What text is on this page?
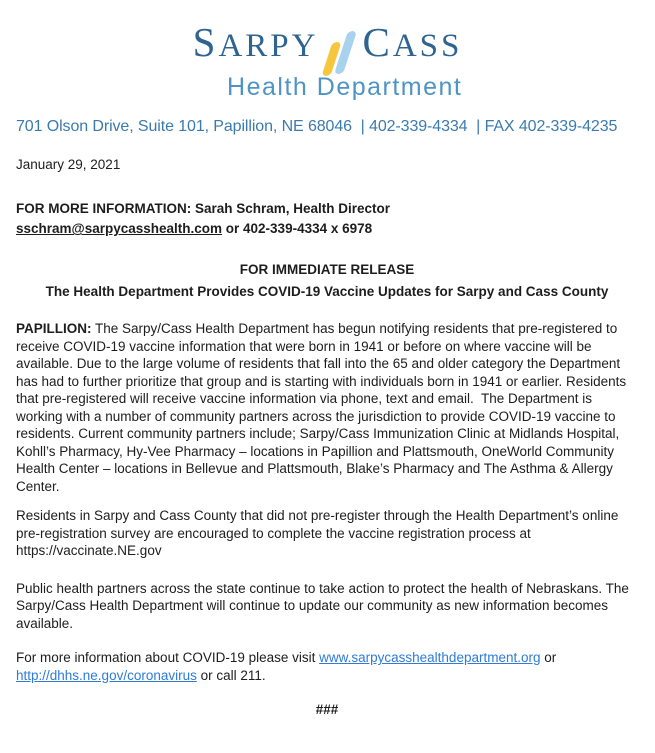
S ARPY C ASS
Health Department
701 Olson Drive, Suite 101, Papillion, NE 68046  | 402-339-4334  | FAX 402-339-4235
January 29, 2021
FOR MORE INFORMATION: Sarah Schram, Health Director
sschram@sarpycasshealth.com or 402-339-4334 x 6978
FOR IMMEDIATE RELEASE
The Health Department Provides COVID-19 Vaccine Updates for Sarpy and Cass County
PAPILLION: The Sarpy/Cass Health Department has begun notifying residents that pre-registered to receive COVID-19 vaccine information that were born in 1941 or before on where vaccine will be available. Due to the large volume of residents that fall into the 65 and older category the Department has had to further prioritize that group and is starting with individuals born in 1941 or earlier. Residents that pre-registered will receive vaccine information via phone, text and email.  The Department is working with a number of community partners across the jurisdiction to provide COVID-19 vaccine to residents. Current community partners include; Sarpy/Cass Immunization Clinic at Midlands Hospital, Kohll’s Pharmacy, Hy-Vee Pharmacy – locations in Papillion and Plattsmouth, OneWorld Community Health Center – locations in Bellevue and Plattsmouth, Blake’s Pharmacy and The Asthma & Allergy Center.
Residents in Sarpy and Cass County that did not pre-register through the Health Department’s online pre-registration survey are encouraged to complete the vaccine registration process at https://vaccinate.NE.gov
Public health partners across the state continue to take action to protect the health of Nebraskans. The Sarpy/Cass Health Department will continue to update our community as new information becomes available.
For more information about COVID-19 please visit www.sarpycasshealthdepartment.org or http://dhhs.ne.gov/coronavirus or call 211.
###
